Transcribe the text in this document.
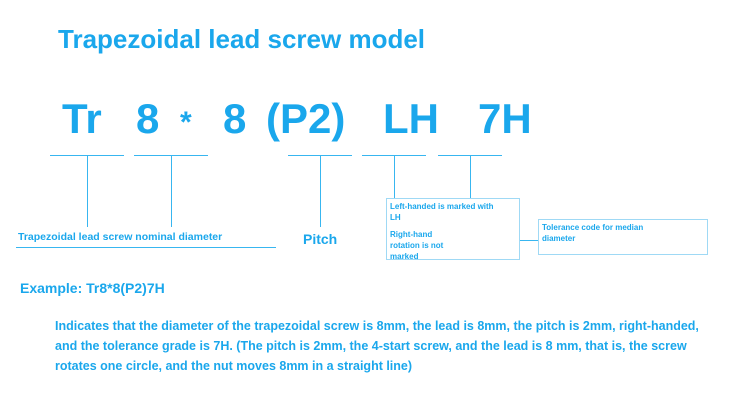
Trapezoidal lead screw model
Tr 8 * 8 (P2) LH 7H
Trapezoidal lead screw nominal diameter	Pitch
Left-handed is marked with
LH
Right-hand
rotation is not
marked
Tolerance code for median
diameter
Example: Tr8*8(P2)7H
Indicates that the diameter of the trapezoidal screw is 8mm, the lead is 8mm, the pitch is 2mm, right-handed, and the tolerance grade is 7H. (The pitch is 2mm, the 4-start screw, and the lead is 8 mm, that is, the screw rotates one circle, and the nut moves 8mm in a straight line)
